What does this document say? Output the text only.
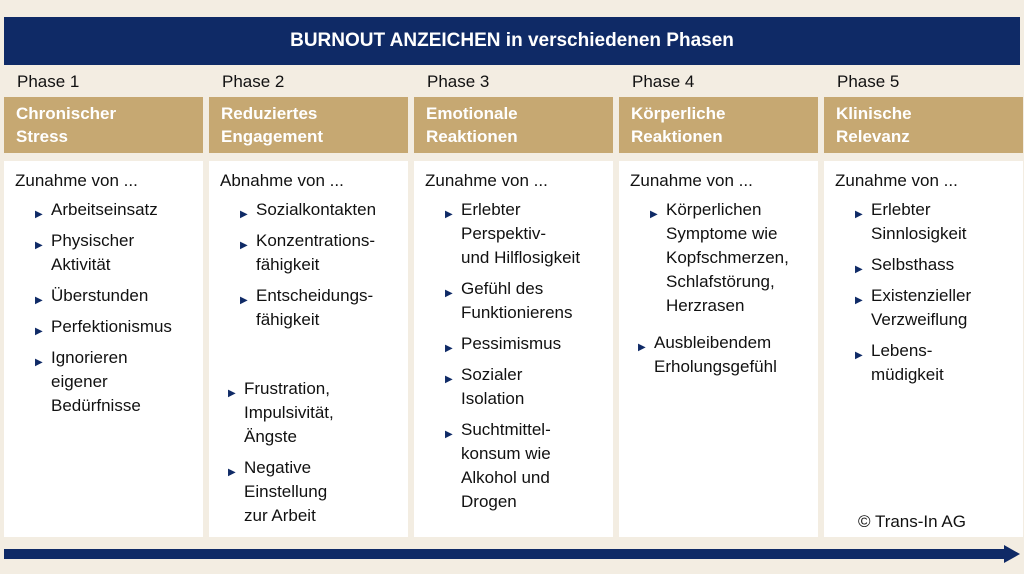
BURNOUT ANZEICHEN in verschiedenen Phasen
Phase 1
Chronischer
Stress
Zunahme von ...
▶ Arbeitseinsatz
▶ Physischer
Aktivität
▶ Überstunden
▶ Perfektionismus
▶ Ignorieren
eigener
Bedürfnisse
Phase 2
Reduziertes
Engagement
Abnahme von ...
▶ Sozialkontakten
▶ Konzentrations-
fähigkeit
▶ Entscheidungs-
fähigkeit
▶ Frustration,
Impulsivität,
Ängste
▶ Negative
Einstellung
zur Arbeit
Phase 3
Emotionale
Reaktionen
Zunahme von ...
▶ Erlebter
Perspektiv-
und Hilflosigkeit
▶ Gefühl des
Funktionierens
▶ Pessimismus
▶ Sozialer
Isolation
▶ Suchtmittel-
konsum wie
Alkohol und
Drogen
Phase 4
Körperliche
Reaktionen
Zunahme von ...
▶ Körperlichen
Symptome wie
Kopfschmerzen,
Schlafstörung,
Herzrasen
▶ Ausbleibendem
Erholungsgefühl
Phase 5
Klinische
Relevanz
Zunahme von ...
▶ Erlebter
Sinnlosigkeit
▶ Selbsthass
▶ Existenzieller
Verzweiflung
▶ Lebens-
müdigkeit
© Trans-In AG
